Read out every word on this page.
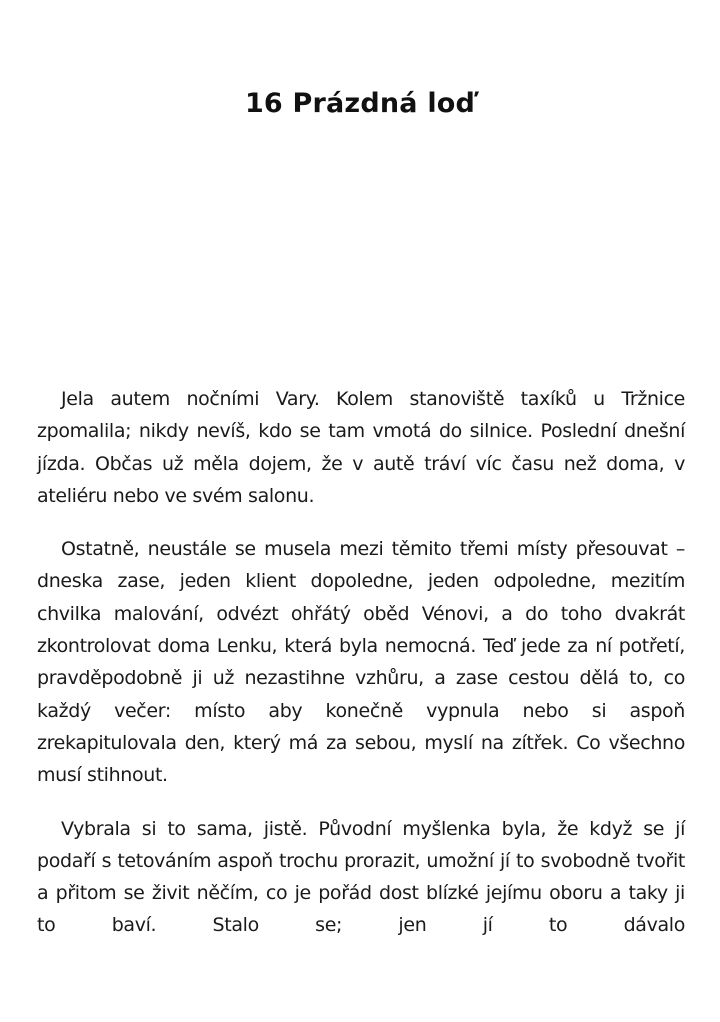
16 Prázdná loď

Jela autem nočními Vary. Kolem stanoviště taxíků u Tržnice zpomalila; nikdy nevíš, kdo se tam vmotá do silnice. Poslední dnešní jízda. Občas už měla dojem, že v autě tráví víc času než doma, v ateliéru nebo ve svém salonu.

Ostatně, neustále se musela mezi těmito třemi místy přesouvat – dneska zase, jeden klient dopoledne, jeden odpoledne, mezitím chvilka malování, odvézt ohřátý oběd Vénovi, a do toho dvakrát zkontrolovat doma Lenku, která byla nemocná. Teď jede za ní potřetí, pravděpodobně ji už nezastihne vzhůru, a zase cestou dělá to, co každý večer: místo aby konečně vypnula nebo si aspoň zrekapitulovala den, který má za sebou, myslí na zítřek. Co všechno musí stihnout.

Vybrala si to sama, jistě. Původní myšlenka byla, že když se jí podaří s tetováním aspoň trochu prorazit, umožní jí to svobodně tvořit a přitom se živit něčím, co je pořád dost blízké jejímu oboru a taky ji to baví. Stalo se; jen jí to dávalo
